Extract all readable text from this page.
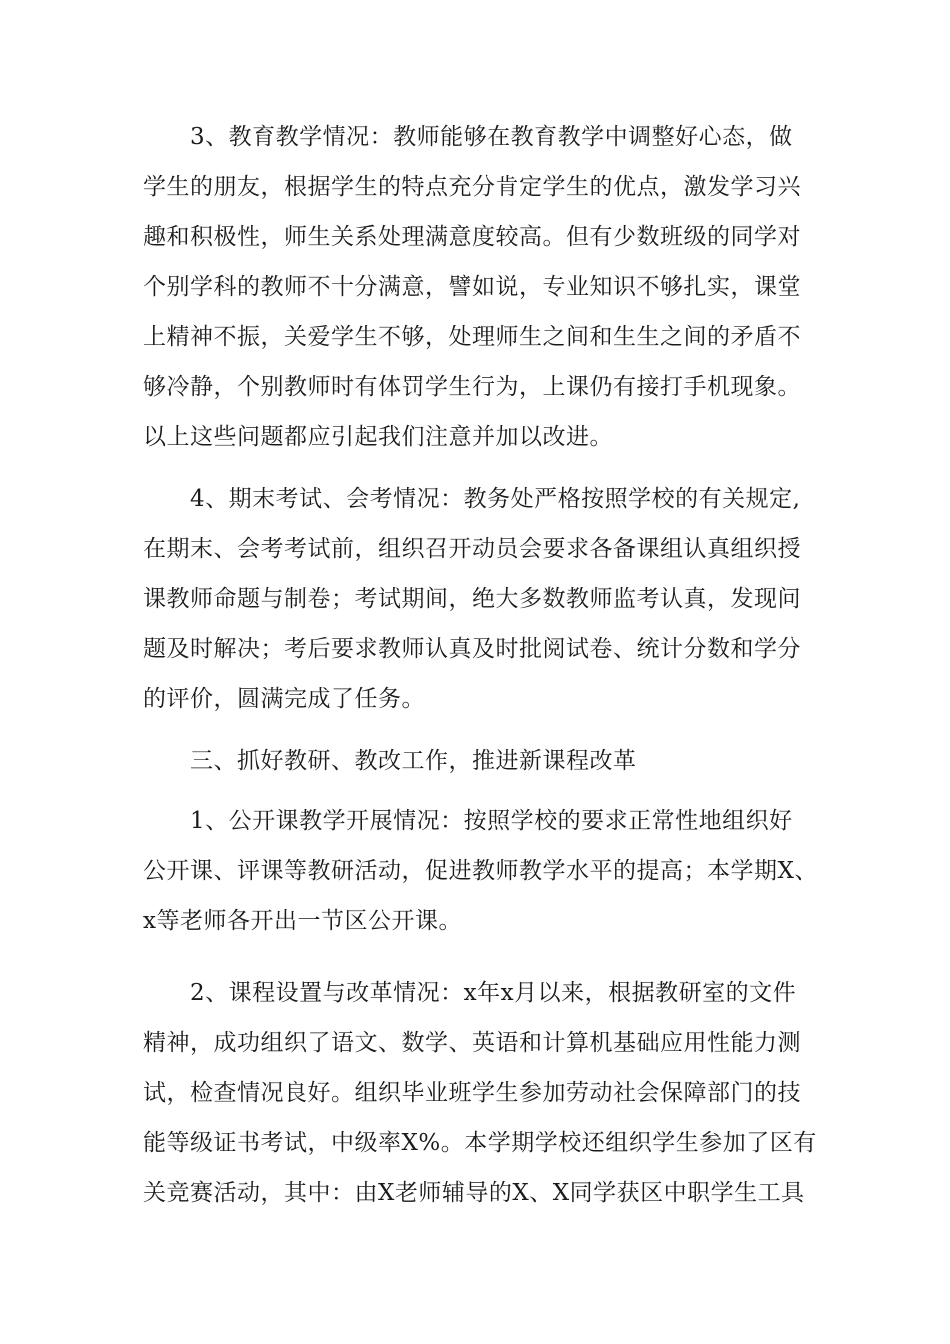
3、教育教学情况：教师能够在教育教学中调整好心态，做
学生的朋友，根据学生的特点充分肯定学生的优点，激发学习兴
趣和积极性，师生关系处理满意度较高。但有少数班级的同学对
个别学科的教师不十分满意，譬如说，专业知识不够扎实，课堂
上精神不振，关爱学生不够，处理师生之间和生生之间的矛盾不
够冷静，个别教师时有体罚学生行为，上课仍有接打手机现象。
以上这些问题都应引起我们注意并加以改进。
4、期末考试、会考情况：教务处严格按照学校的有关规定,
在期末、会考考试前，组织召开动员会要求各备课组认真组织授
课教师命题与制卷；考试期间，绝大多数教师监考认真，发现问
题及时解决；考后要求教师认真及时批阅试卷、统计分数和学分
的评价，圆满完成了任务。
三、抓好教研、教改工作，推进新课程改革
1、公开课教学开展情况：按照学校的要求正常性地组织好
公开课、评课等教研活动，促进教师教学水平的提高；本学期X、
x等老师各开出一节区公开课。
2、课程设置与改革情况：x年x月以来，根据教研室的文件
精神，成功组织了语文、数学、英语和计算机基础应用性能力测
试，检查情况良好。组织毕业班学生参加劳动社会保障部门的技
能等级证书考试，中级率X%。本学期学校还组织学生参加了区有
关竞赛活动，其中：由X老师辅导的X、X同学获区中职学生工具
